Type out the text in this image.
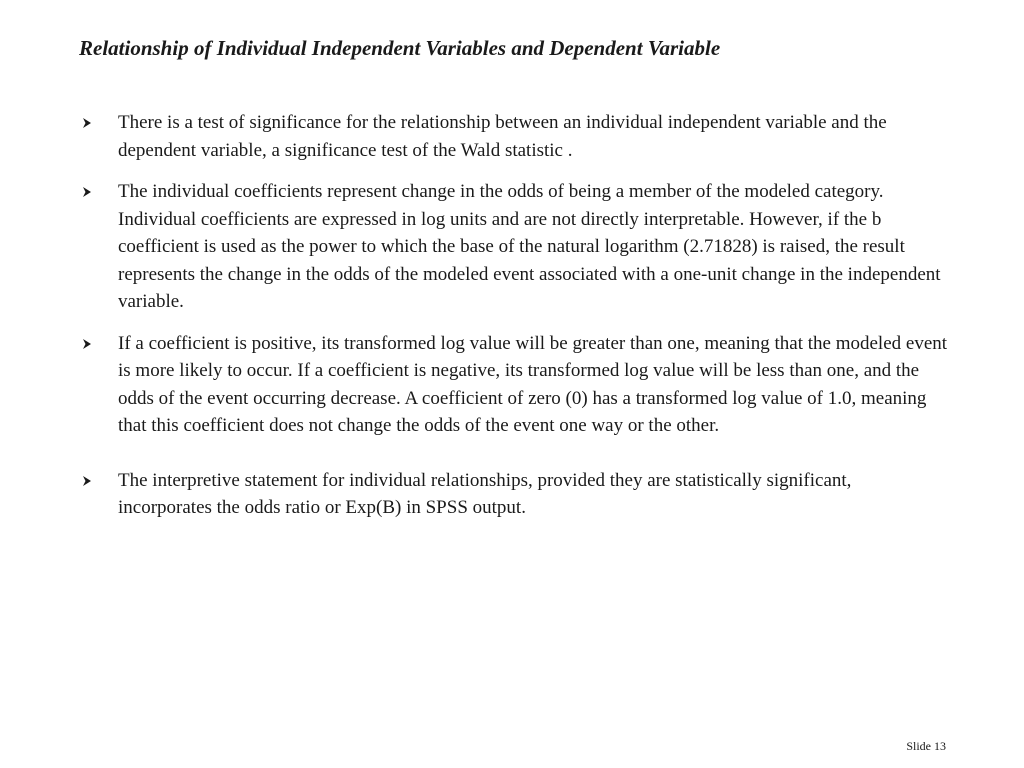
Relationship of Individual Independent Variables and Dependent Variable
There is a test of significance for the relationship between an individual independent variable and the dependent variable, a significance test of the Wald statistic .
The individual coefficients represent change in the odds of being a member of the modeled category. Individual coefficients are expressed in log units and are not directly interpretable. However, if the b coefficient is used as the power to which the base of the natural logarithm (2.71828) is raised, the result represents the change in the odds of the modeled event associated with a one-unit change in the independent variable.
If a coefficient is positive, its transformed log value will be greater than one, meaning that the modeled event is more likely to occur. If a coefficient is negative, its transformed log value will be less than one, and the odds of the event occurring decrease. A coefficient of zero (0) has a transformed log value of 1.0, meaning that this coefficient does not change the odds of the event one way or the other.
The interpretive statement for individual relationships, provided they are statistically significant, incorporates the odds ratio or Exp(B) in SPSS output.
Slide 13
